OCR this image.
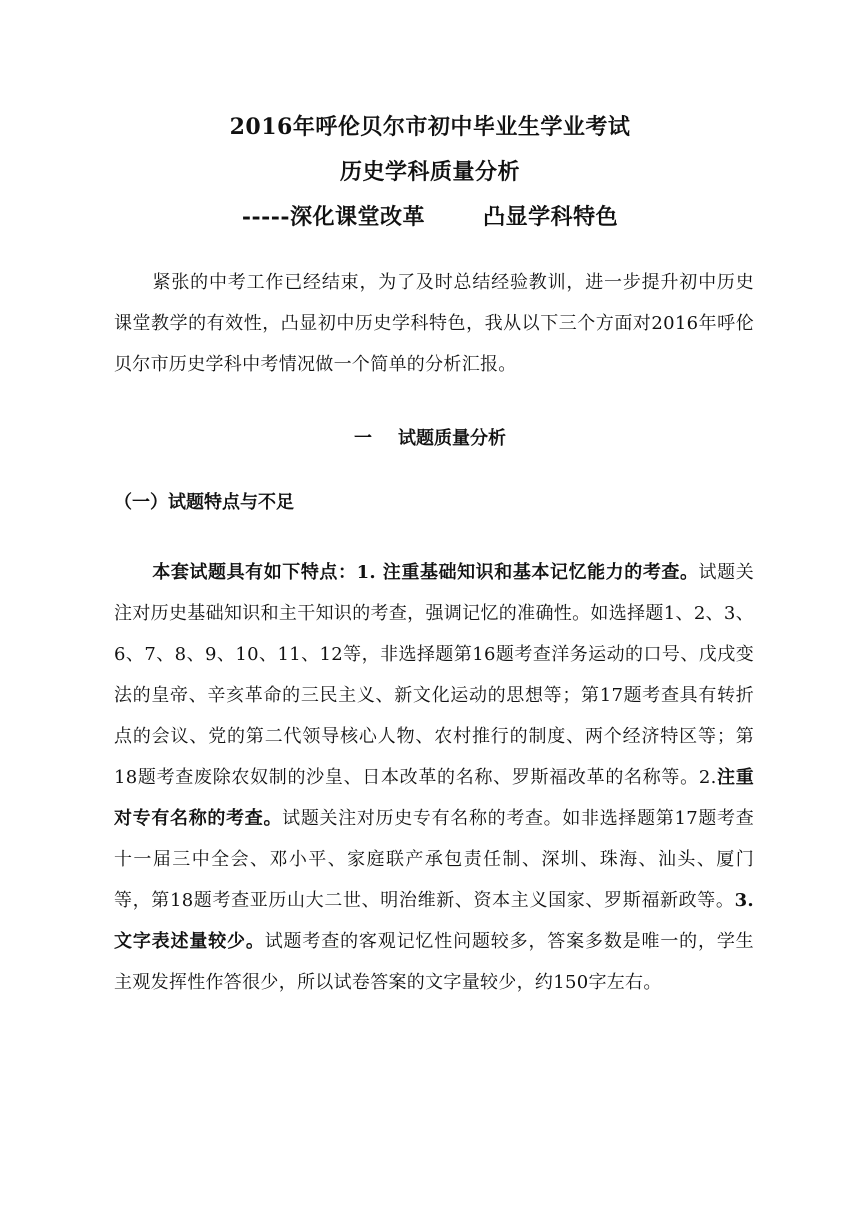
2016年呼伦贝尔市初中毕业生学业考试
历史学科质量分析
-----深化课堂改革	凸显学科特色
紧张的中考工作已经结束，为了及时总结经验教训，进一步提升初中历史课堂教学的有效性，凸显初中历史学科特色，我从以下三个方面对2016年呼伦贝尔市历史学科中考情况做一个简单的分析汇报。
一 试题质量分析
（一）试题特点与不足
本套试题具有如下特点：1. 注重基础知识和基本记忆能力的考查。试题关注对历史基础知识和主干知识的考查，强调记忆的准确性。如选择题1、2、3、6、7、8、9、10、11、12等，非选择题第16题考查洋务运动的口号、戊戌变法的皇帝、辛亥革命的三民主义、新文化运动的思想等；第17题考查具有转折点的会议、党的第二代领导核心人物、农村推行的制度、两个经济特区等；第18题考查废除农奴制的沙皇、日本改革的名称、罗斯福改革的名称等。2.注重对专有名称的考查。试题关注对历史专有名称的考查。如非选择题第17题考查十一届三中全会、邓小平、家庭联产承包责任制、深圳、珠海、汕头、厦门等，第18题考查亚历山大二世、明治维新、资本主义国家、罗斯福新政等。3.文字表述量较少。试题考查的客观记忆性问题较多，答案多数是唯一的，学生主观发挥性作答很少，所以试卷答案的文字量较少，约150字左右。
